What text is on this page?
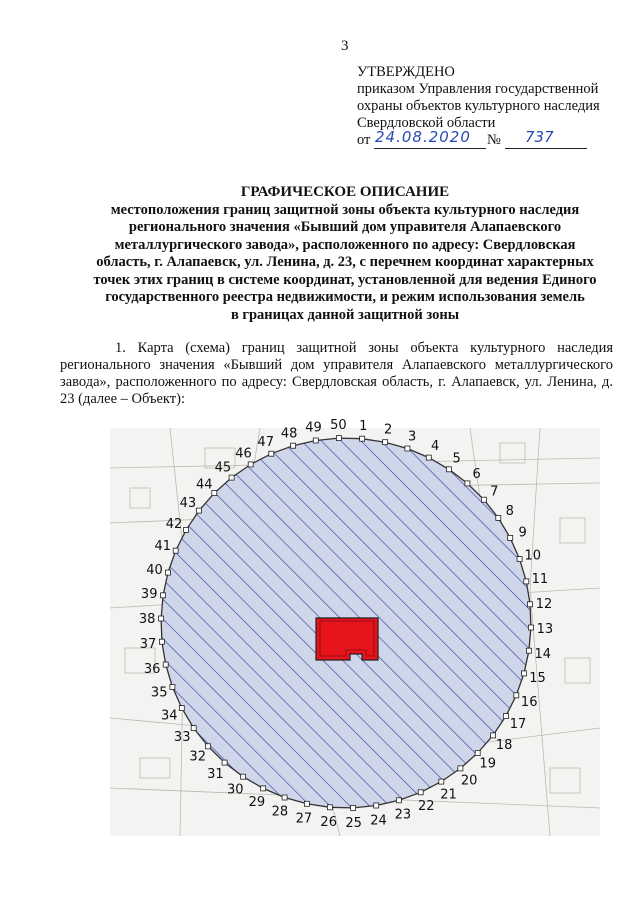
3
УТВЕРЖДЕНО
приказом Управления государственной
охраны объектов культурного наследия
Свердловской области
от 24.08.2020 № 737
ГРАФИЧЕСКОЕ ОПИСАНИЕ
местоположения границ защитной зоны объекта культурного наследия
регионального значения «Бывший дом управителя Алапаевского
металлургического завода», расположенного по адресу: Свердловская
область, г. Алапаевск, ул. Ленина, д. 23, с перечнем координат характерных
точек этих границ в системе координат, установленной для ведения Единого
государственного реестра недвижимости, и режим использования земель
в границах данной защитной зоны
1. Карта (схема) границ защитной зоны объекта культурного наследия регионального значения «Бывший дом управителя Алапаевского металлургического завода», расположенного по адресу: Свердловская область, г. Алапаевск, ул. Ленина, д. 23 (далее – Объект):
1 2 3
4
5
6
7
8
9
10
11
12
13
14
15
16
17
18
19
20
21
22
23
24
25
26
27
28
29
30
31
32
33
34
35
36
37
38
39
40
41
42
43
44
45
46
47
48 49 50
